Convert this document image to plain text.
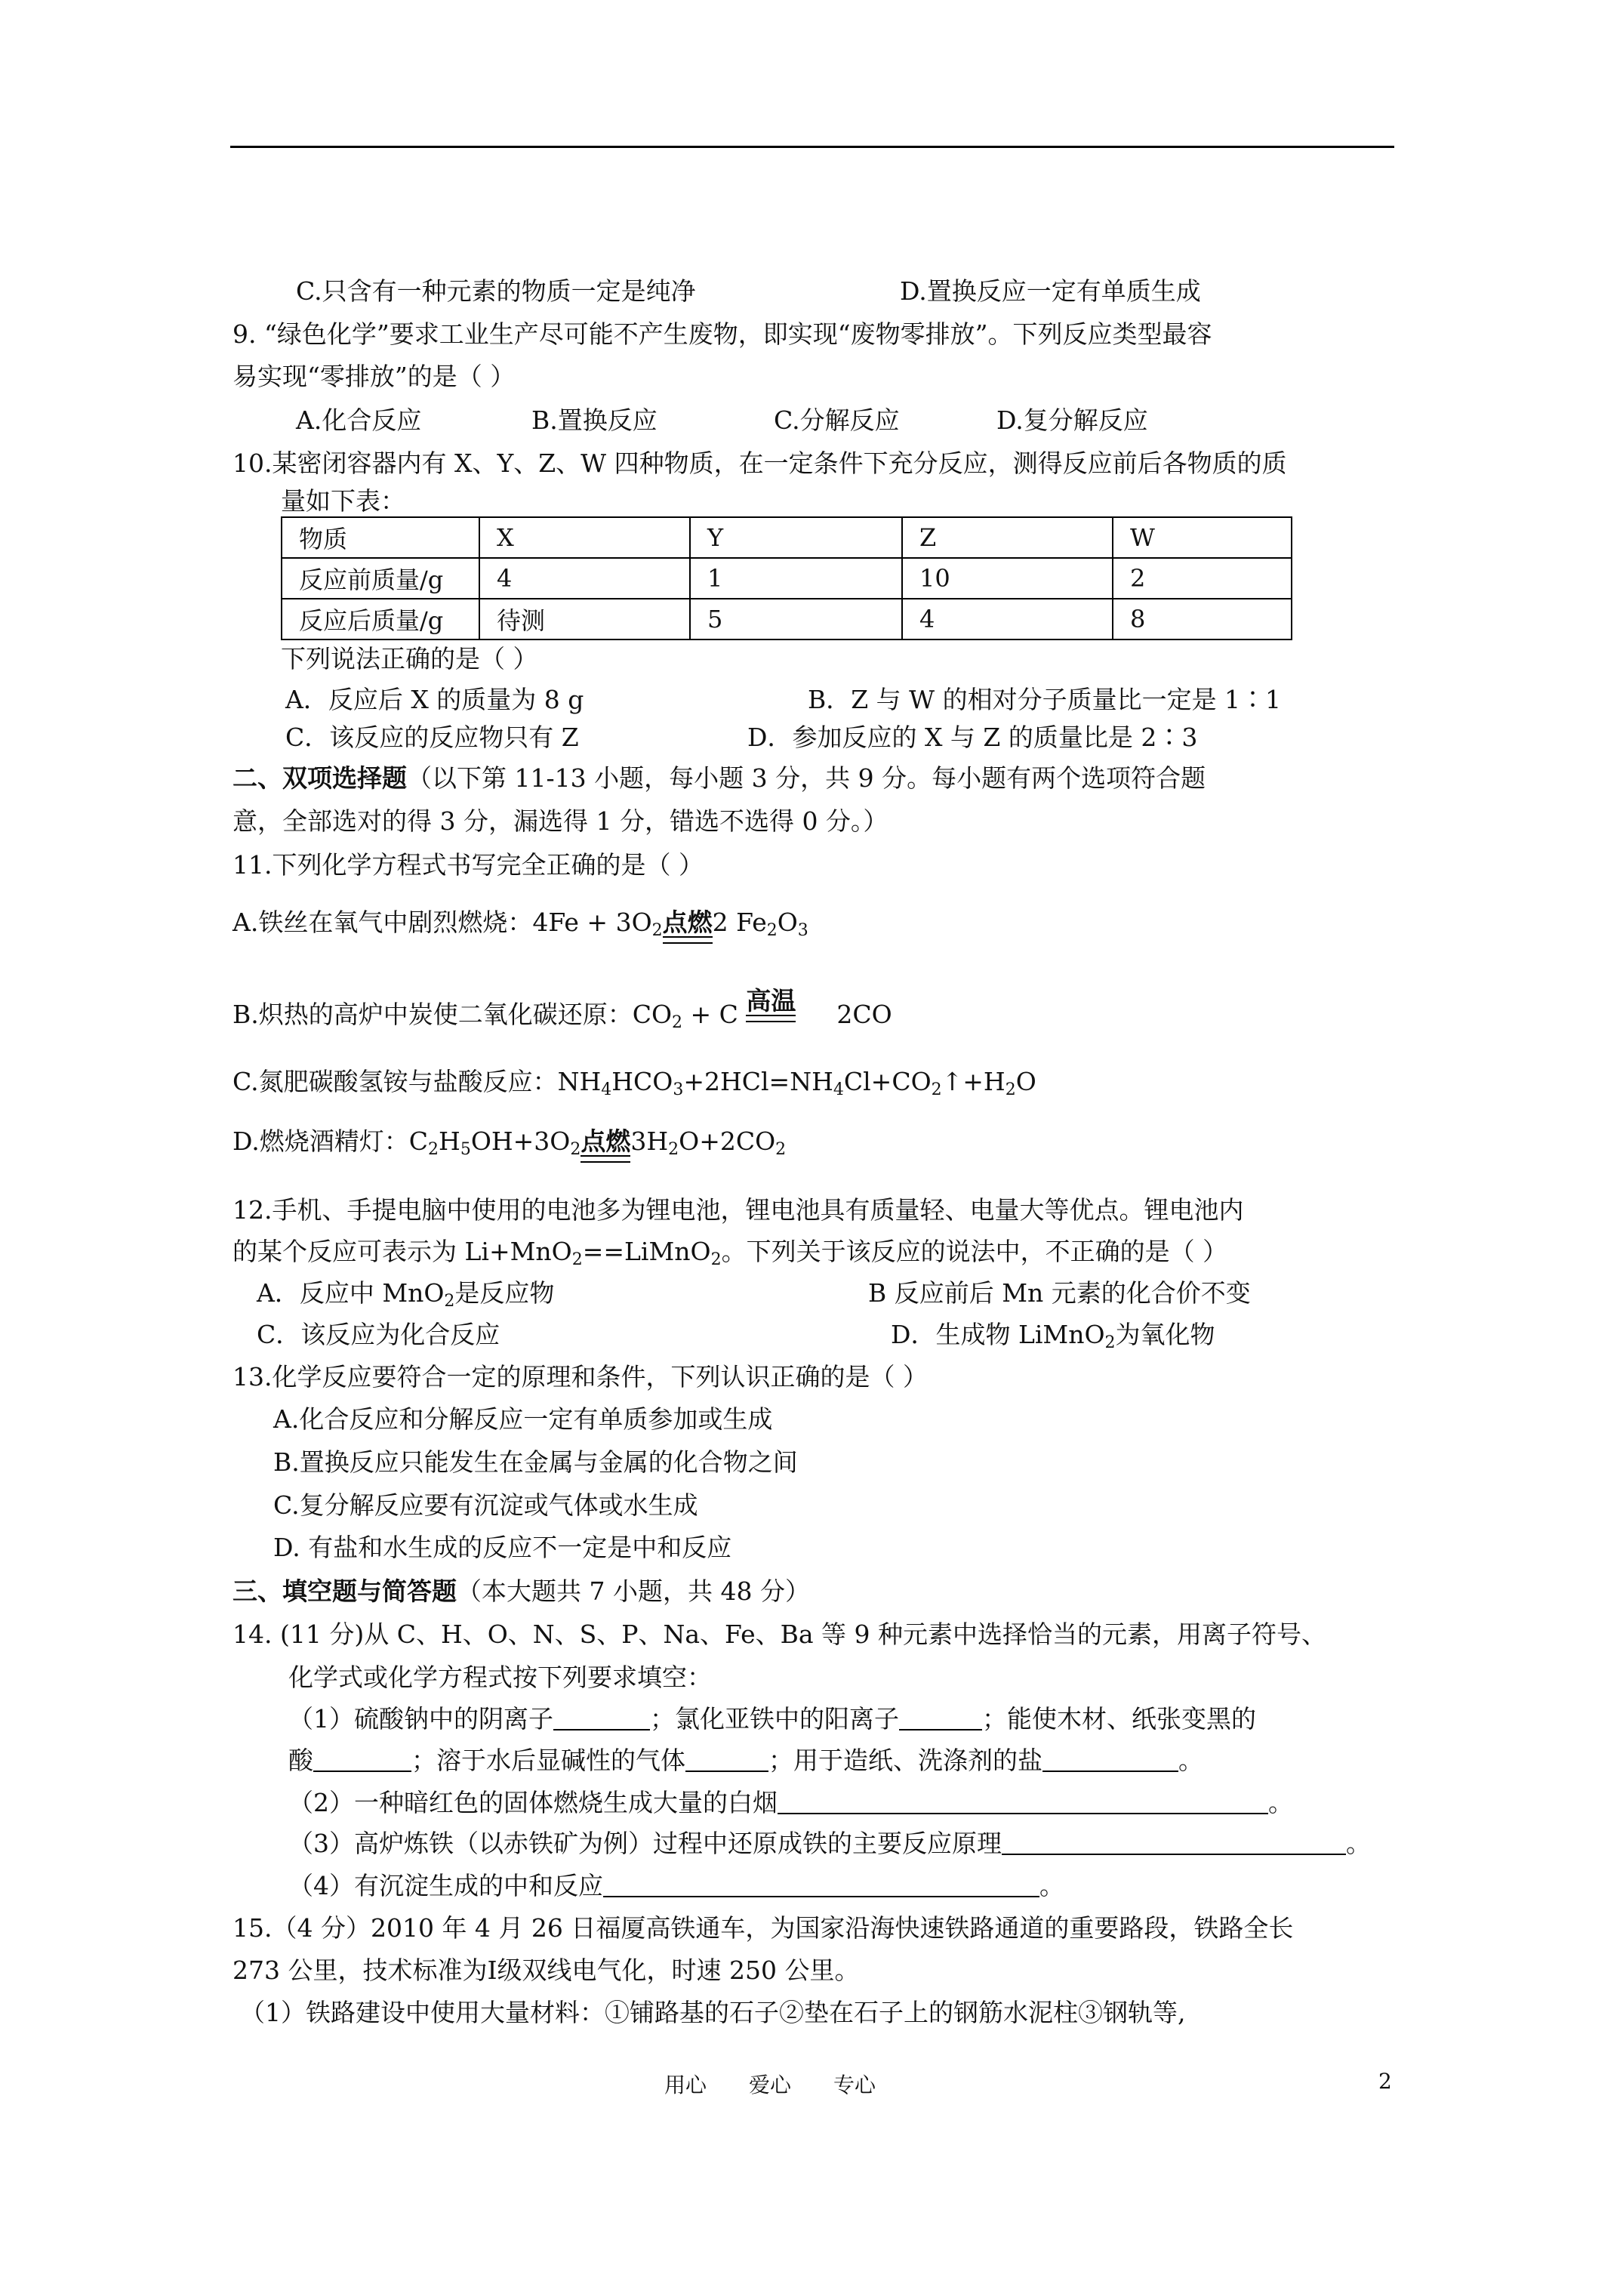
C.只含有一种元素的物质一定是纯净	D.置换反应一定有单质生成
9. “绿色化学”要求工业生产尽可能不产生废物，即实现“废物零排放”。下列反应类型最容
易实现“零排放”的是（ ）
A.化合反应	B.置换反应	C.分解反应	D.复分解反应
10.某密闭容器内有 X、Y、Z、W 四种物质，在一定条件下充分反应，测得反应前后各物质的质
量如下表：
物质	X	Y	Z	W
反应前质量/g	4	1	10	2
反应后质量/g	待测	5	4	8
下列说法正确的是（ ）
A．反应后 X 的质量为 8 g	B．Z 与 W 的相对分子质量比一定是 1∶1
C．该反应的反应物只有 Z	D．参加反应的 X 与 Z 的质量比是 2∶3
二、双项选择题（以下第 11-13 小题，每小题 3 分，共 9 分。每小题有两个选项符合题
意，全部选对的得 3 分，漏选得 1 分，错选不选得 0 分。）
11.下列化学方程式书写完全正确的是（ ）
A.铁丝在氧气中剧烈燃烧：$4Fe + 3O_2$点燃2 $Fe_2O_3$
B.炽热的高炉中炭使二氧化碳还原：$CO_2 + C$ 高温 2CO
C.氮肥碳酸氢铵与盐酸反应：$NH_4HCO_3+2HCl=NH_4Cl+CO_2↑+H_2O$
D.燃烧酒精灯：$C_2H_5OH+3O_2$点燃$3H_2O+2CO_2$
12.手机、手提电脑中使用的电池多为锂电池，锂电池具有质量轻、电量大等优点。锂电池内
的某个反应可表示为 Li+MnO$_2$==LiMnO$_2$。下列关于该反应的说法中，不正确的是（ ）
A．反应中 MnO$_2$是反应物	B 反应前后 Mn 元素的化合价不变
C．该反应为化合反应	D．生成物 LiMnO$_2$为氧化物
13.化学反应要符合一定的原理和条件，下列认识正确的是（ ）
A.化合反应和分解反应一定有单质参加或生成
B.置换反应只能发生在金属与金属的化合物之间
C.复分解反应要有沉淀或气体或水生成
D. 有盐和水生成的反应不一定是中和反应
三、填空题与简答题（本大题共 7 小题，共 48 分）
14. (11 分)从 C、H、O、N、S、P、Na、Fe、Ba 等 9 种元素中选择恰当的元素，用离子符号、
化学式或化学方程式按下列要求填空：
（1）硫酸钠中的阴离子	；氯化亚铁中的阳离子	；能使木材、纸张变黑的
酸	；溶于水后显碱性的气体	；用于造纸、洗涤剂的盐	。
（2）一种暗红色的固体燃烧生成大量的白烟	。
（3）高炉炼铁（以赤铁矿为例）过程中还原成铁的主要反应原理	。
（4）有沉淀生成的中和反应	。
15.（4 分）2010 年 4 月 26 日福厦高铁通车，为国家沿海快速铁路通道的重要路段，铁路全长
273 公里，技术标准为Ⅰ级双线电气化，时速 250 公里。
（1）铁路建设中使用大量材料：①铺路基的石子②垫在石子上的钢筋水泥柱③钢轨等,
用心　　爱心　　专心	2
